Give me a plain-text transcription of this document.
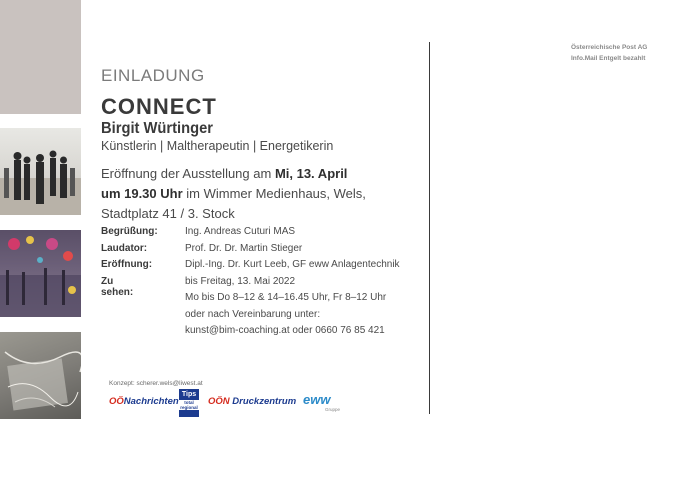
EINLADUNG
CONNECT
Birgit Würtinger
Künstlerin | Maltherapeutin | Energetikerin
Eröffnung der Ausstellung am Mi, 13. April
um 19.30 Uhr im Wimmer Medienhaus, Wels,
Stadtplatz 41 / 3. Stock
Begrüßung:	Ing. Andreas Cuturi MAS
Laudator:	Prof. Dr. Dr. Martin Stieger
Eröffnung:	Dipl.-Ing. Dr. Kurt Leeb, GF eww Anlagentechnik
Zu sehen:
bis Freitag, 13. Mai 2022
Mo bis Do 8–12 & 14–16.45 Uhr, Fr 8–12 Uhr
oder nach Vereinbarung unter:
kunst@bim-coaching.at oder 0660 76 85 421
Konzept: scherer.wels@liwest.at
OÖNachrichten
Tips
total regional
OÖN Druckzentrum eww
Gruppe
Österreichische Post AG
Info.Mail Entgelt bezahlt
